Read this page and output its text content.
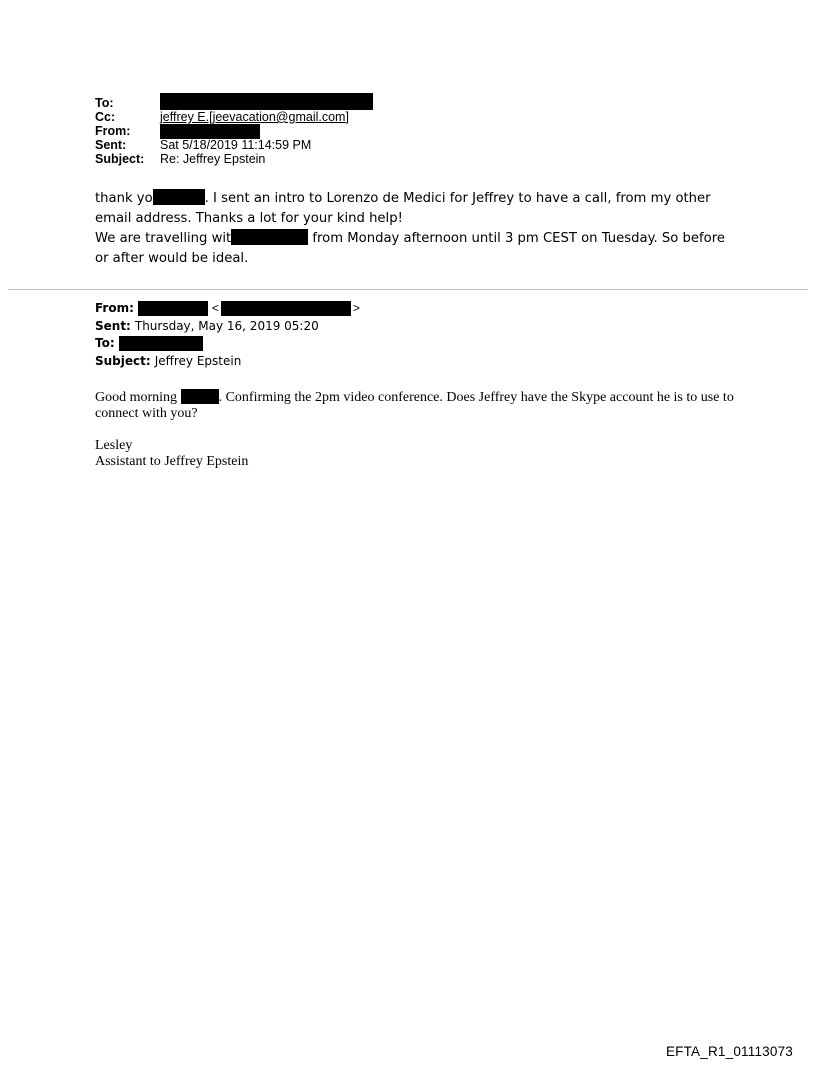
To:
Cc:	jeffrey E.[jeevacation@gmail.com]
From:
Sent:	Sat 5/18/2019 11:14:59 PM
Subject:	Re: Jeffrey Epstein

thank yo	. I sent an intro to Lorenzo de Medici for Jeffrey to have a call, from my other email address. Thanks a lot for your kind help!

We are travelling wit	from Monday afternoon until 3 pm CEST on Tuesday. So before or after would be ideal.

From:	<	>
Sent: Thursday, May 16, 2019 05:20
To:
Subject: Jeffrey Epstein

Good morning	. Confirming the 2pm video conference. Does Jeffrey have the Skype account he is to use to connect with you?

Lesley

Assistant to Jeffrey Epstein

EFTA_R1_01113073
